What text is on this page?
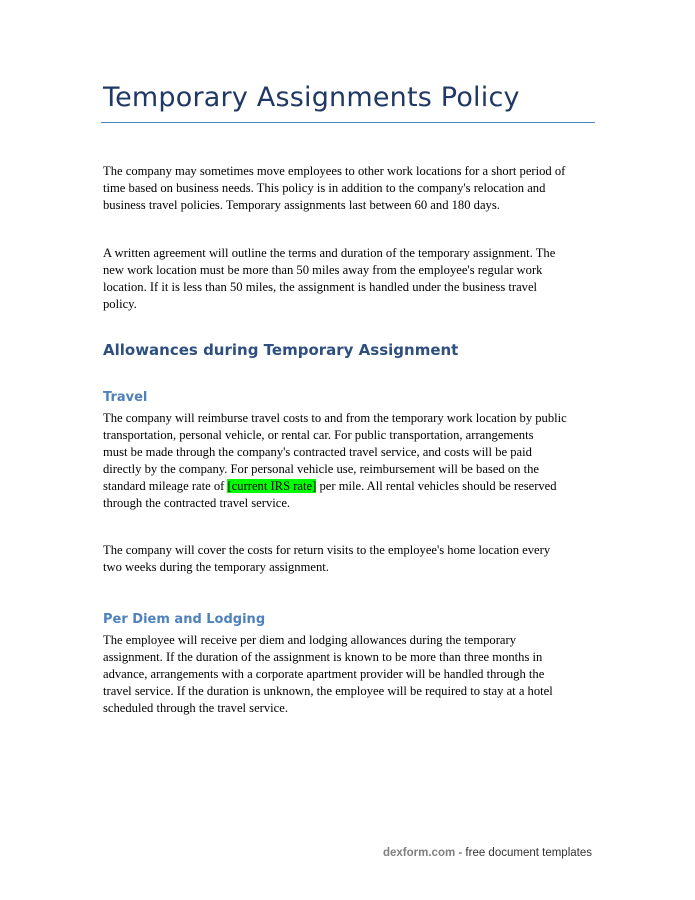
Temporary Assignments Policy

The company may sometimes move employees to other work locations for a short period of
time based on business needs. This policy is in addition to the company's relocation and
business travel policies. Temporary assignments last between 60 and 180 days.

A written agreement will outline the terms and duration of the temporary assignment. The
new work location must be more than 50 miles away from the employee's regular work
location. If it is less than 50 miles, the assignment is handled under the business travel
policy.

Allowances during Temporary Assignment
Travel

The company will reimburse travel costs to and from the temporary work location by public
transportation, personal vehicle, or rental car. For public transportation, arrangements
must be made through the company's contracted travel service, and costs will be paid
directly by the company. For personal vehicle use, reimbursement will be based on the
standard mileage rate of [current IRS rate] per mile. All rental vehicles should be reserved
through the contracted travel service.

The company will cover the costs for return visits to the employee's home location every
two weeks during the temporary assignment.

Per Diem and Lodging

The employee will receive per diem and lodging allowances during the temporary
assignment. If the duration of the assignment is known to be more than three months in
advance, arrangements with a corporate apartment provider will be handled through the
travel service. If the duration is unknown, the employee will be required to stay at a hotel
scheduled through the travel service.

dexform.com - free document templates
